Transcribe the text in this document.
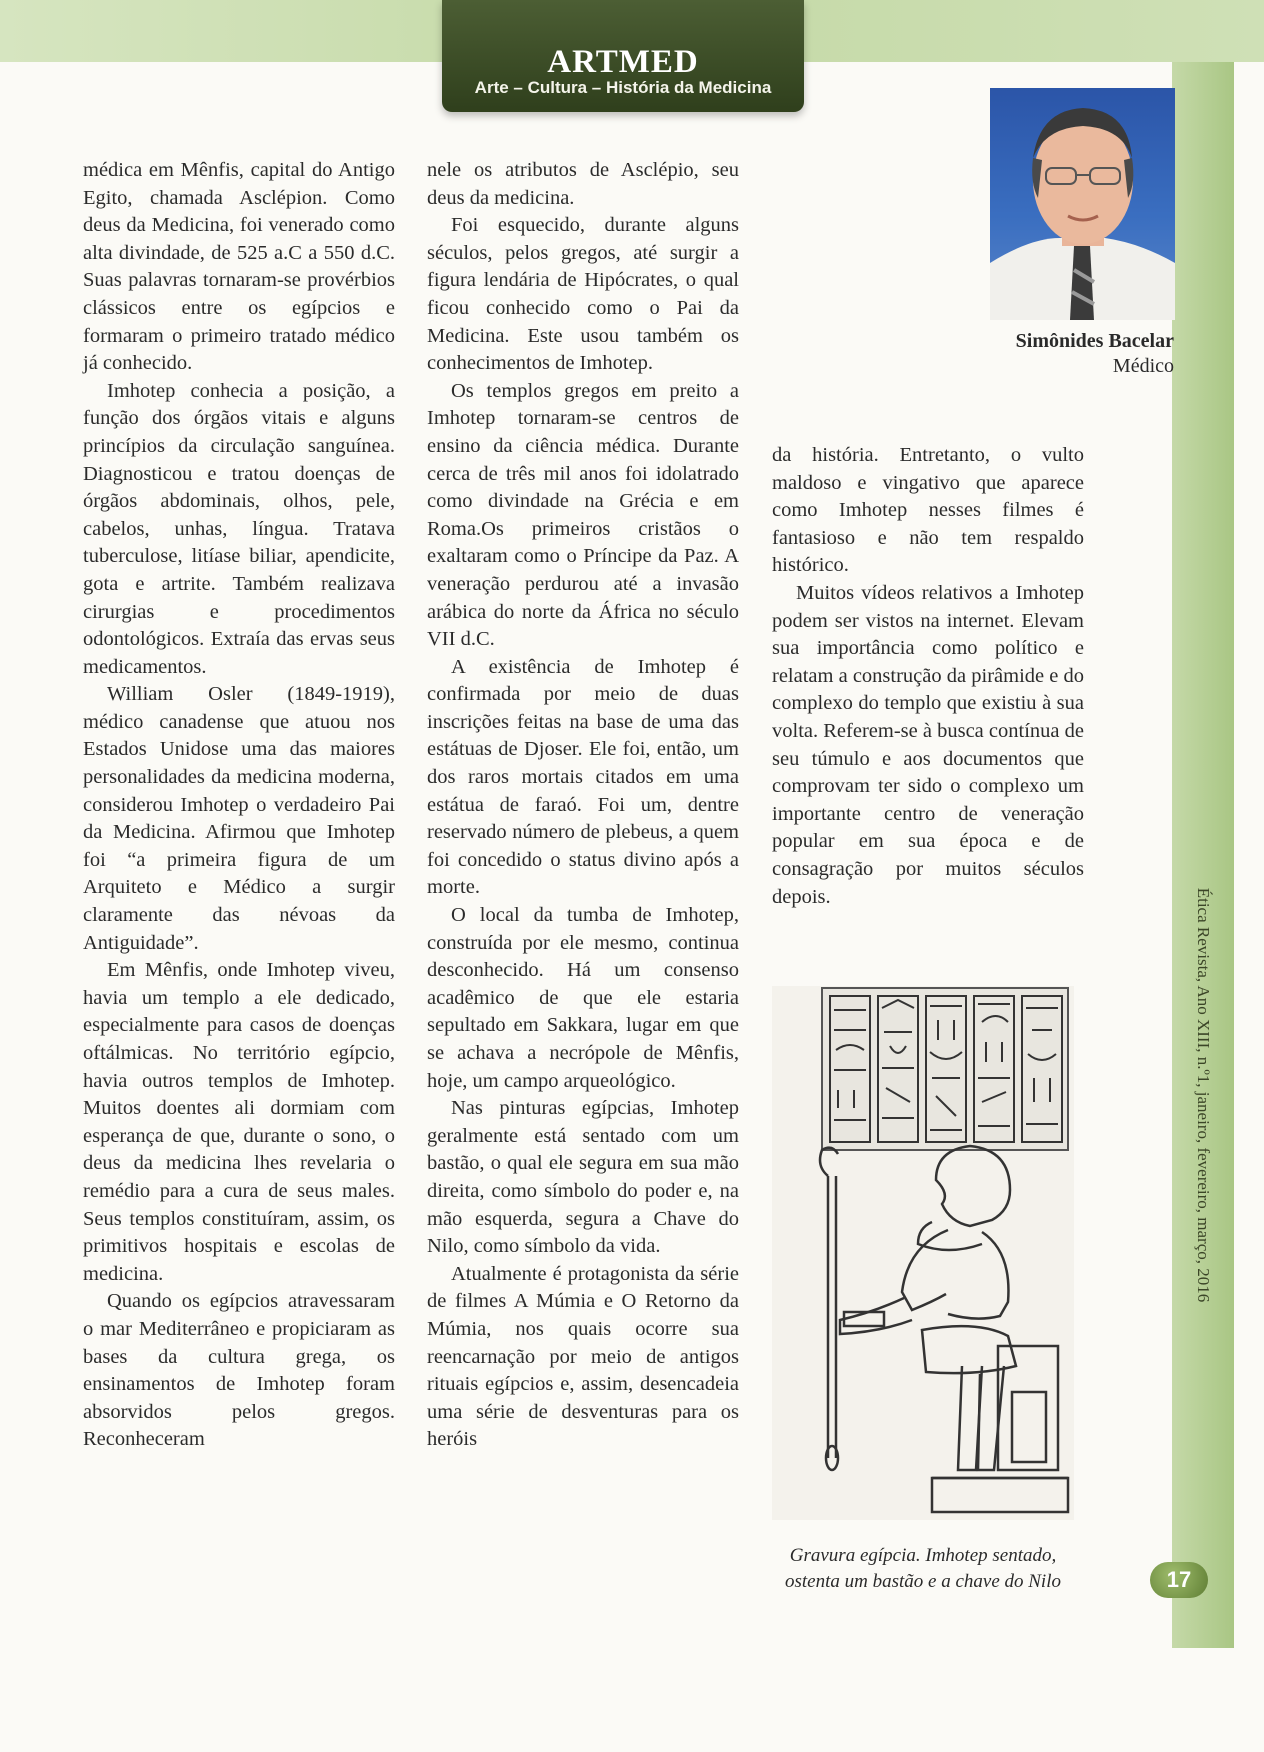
ARTMED
Arte – Cultura – História da Medicina
Simônides Bacelar
Médico

médica em Mênfis, capital do Antigo Egito, chamada Asclépion. Como deus da Medicina, foi venerado como alta divindade, de 525 a.C a 550 d.C. Suas palavras tornaram-se provérbios clássicos entre os egípcios e formaram o primeiro tratado médico já conhecido.

Imhotep conhecia a posição, a função dos órgãos vitais e alguns princípios da circulação sanguínea. Diagnosticou e tratou doenças de órgãos abdominais, olhos, pele, cabelos, unhas, língua. Tratava tuberculose, litíase biliar, apendicite, gota e artrite. Também realizava cirurgias e procedimentos odontológicos. Extraía das ervas seus medicamentos.

William Osler (1849-1919), médico canadense que atuou nos Estados Unidose uma das maiores personalidades da medicina moderna, considerou Imhotep o verdadeiro Pai da Medicina. Afirmou que Imhotep foi “a primeira figura de um Arquiteto e Médico a surgir claramente das névoas da Antiguidade”.

Em Mênfis, onde Imhotep viveu, havia um templo a ele dedicado, especialmente para casos de doenças oftálmicas. No território egípcio, havia outros templos de Imhotep. Muitos doentes ali dormiam com esperança de que, durante o sono, o deus da medicina lhes revelaria o remédio para a cura de seus males. Seus templos constituíram, assim, os primitivos hospitais e escolas de medicina.

Quando os egípcios atravessaram o mar Mediterrâneo e propiciaram as bases da cultura grega, os ensinamentos de Imhotep foram absorvidos pelos gregos. Reconheceram

nele os atributos de Asclépio, seu deus da medicina.

Foi esquecido, durante alguns séculos, pelos gregos, até surgir a figura lendária de Hipócrates, o qual ficou conhecido como o Pai da Medicina. Este usou também os conhecimentos de Imhotep.

Os templos gregos em preito a Imhotep tornaram-se centros de ensino da ciência médica. Durante cerca de três mil anos foi idolatrado como divindade na Grécia e em Roma.Os primeiros cristãos o exaltaram como o Príncipe da Paz. A veneração perdurou até a invasão arábica do norte da África no século VII d.C.

A existência de Imhotep é confirmada por meio de duas inscrições feitas na base de uma das estátuas de Djoser. Ele foi, então, um dos raros mortais citados em uma estátua de faraó. Foi um, dentre reservado número de plebeus, a quem foi concedido o status divino após a morte.

O local da tumba de Imhotep, construída por ele mesmo, continua desconhecido. Há um consenso acadêmico de que ele estaria sepultado em Sakkara, lugar em que se achava a necrópole de Mênfis, hoje, um campo arqueológico.

Nas pinturas egípcias, Imhotep geralmente está sentado com um bastão, o qual ele segura em sua mão direita, como símbolo do poder e, na mão esquerda, segura a Chave do Nilo, como símbolo da vida.

Atualmente é protagonista da série de filmes A Múmia e O Retorno da Múmia, nos quais ocorre sua reencarnação por meio de antigos rituais egípcios e, assim, desencadeia uma série de desventuras para os heróis

da história. Entretanto, o vulto maldoso e vingativo que aparece como Imhotep nesses filmes é fantasioso e não tem respaldo histórico.

Muitos vídeos relativos a Imhotep podem ser vistos na internet. Elevam sua importância como político e relatam a construção da pirâmide e do complexo do templo que existiu à sua volta. Referem-se à busca contínua de seu túmulo e aos documentos que comprovam ter sido o complexo um importante centro de veneração popular em sua época e de consagração por muitos séculos depois.

Gravura egípcia. Imhotep sentado,
ostenta um bastão e a chave do Nilo
Ética Revista, Ano XIII, n.º1, janeiro, fevereiro, março, 2016
17
